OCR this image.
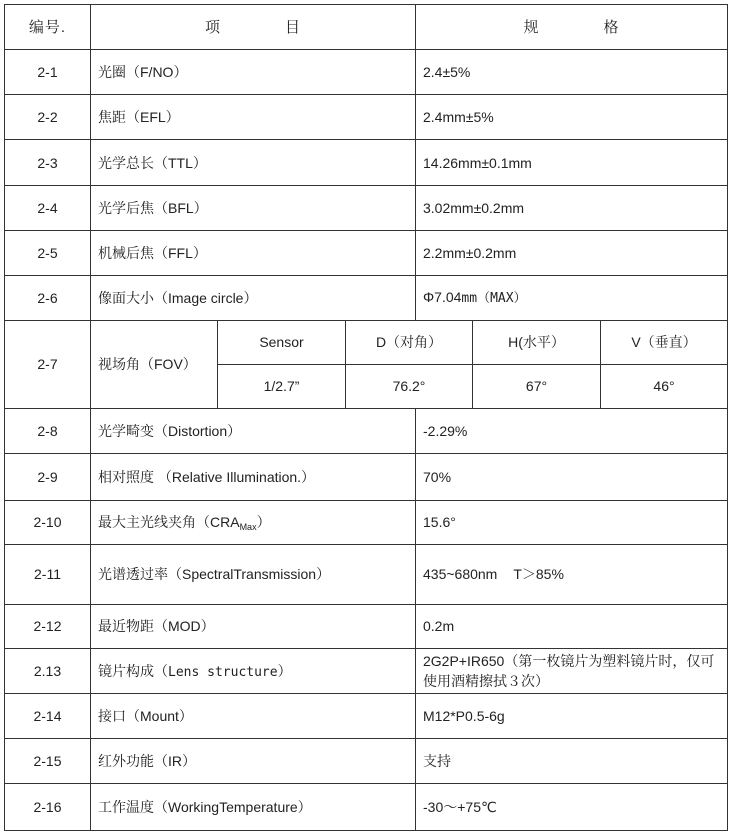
编号.	项 目			规 格		
2-1	光圈（F/NO）			2.4±5%		
2-2	焦距（EFL）			2.4mm±5%		
2-3	光学总长（TTL）			14.26mm±0.1mm		
2-4	光学后焦（BFL）			3.02mm±0.2mm		
2-5	机械后焦（FFL）			2.2mm±0.2mm		
2-6	像面大小（Image circle）			Φ7.04mm（MAX）		
2-7	视场角（FOV）	Sensor	D（对角）		H(水平）	V（垂直）
		1/2.7”	76.2°		67°	46°
2-8	光学畸变（Distortion）			-2.29%		
2-9	相对照度 （Relative Illumination.）			70%		
2-10	最大主光线夹角$(CRA_{Max})$			15.6°		
2-11	光谱透过率（SpectralTransmission）			435~680nm T＞85%		
2-12	最近物距（MOD）			0.2m		
2.13	镜片构成（Lens structure）			2G2P+IR650（第一枚镜片为塑料镜片时，仅可使用酒精擦拭３次）		
2-14	接口（Mount）			M12*P0.5-6g		
2-15	红外功能（IR）			支持		
2-16	工作温度（WorkingTemperature）			-30～+75℃		
